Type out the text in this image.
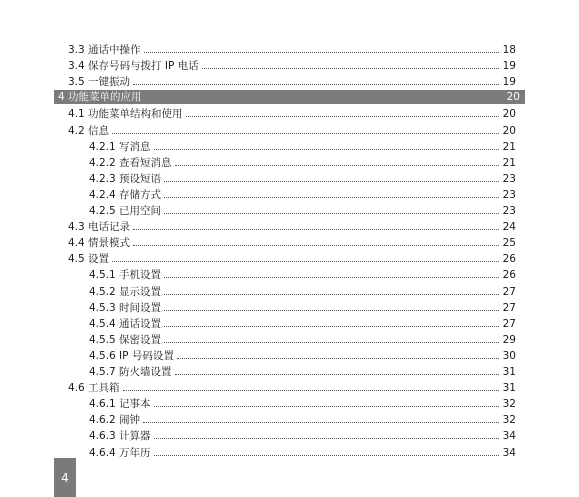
3.3 通话中操作	18
3.4 保存号码与拨打 IP 电话	19
3.5 一键振动	19
4 功能菜单的应用	20
4.1 功能菜单结构和使用	20
4.2 信息	20
4.2.1 写消息	21
4.2.2 查看短消息	21
4.2.3 预设短语	23
4.2.4 存储方式	23
4.2.5 已用空间	23
4.3 电话记录	24
4.4 情景模式	25
4.5 设置	26
4.5.1 手机设置	26
4.5.2 显示设置	27
4.5.3 时间设置	27
4.5.4 通话设置	27
4.5.5 保密设置	29
4.5.6 IP 号码设置	30
4.5.7 防火墙设置	31
4.6 工具箱	31
4.6.1 记事本	32
4.6.2 闹钟	32
4.6.3 计算器	34
4.6.4 万年历	34
4
